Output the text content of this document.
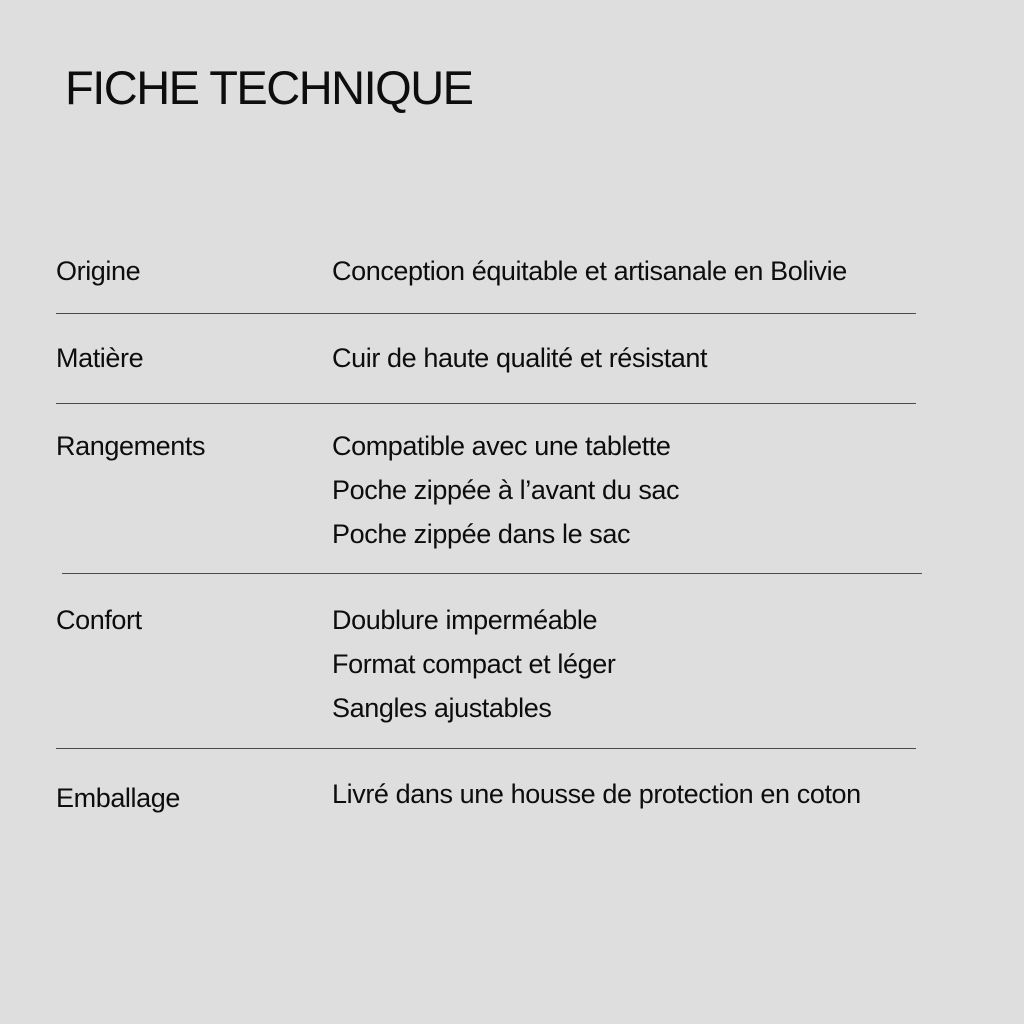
FICHE TECHNIQUE
Origine	Conception équitable et artisanale en Bolivie
Matière	Cuir de haute qualité et résistant
Rangements	Compatible avec une tablette
Poche zippée à l’avant du sac
Poche zippée dans le sac
Confort	Doublure imperméable
Format compact et léger
Sangles ajustables
Emballage	Livré dans une housse de protection en coton
